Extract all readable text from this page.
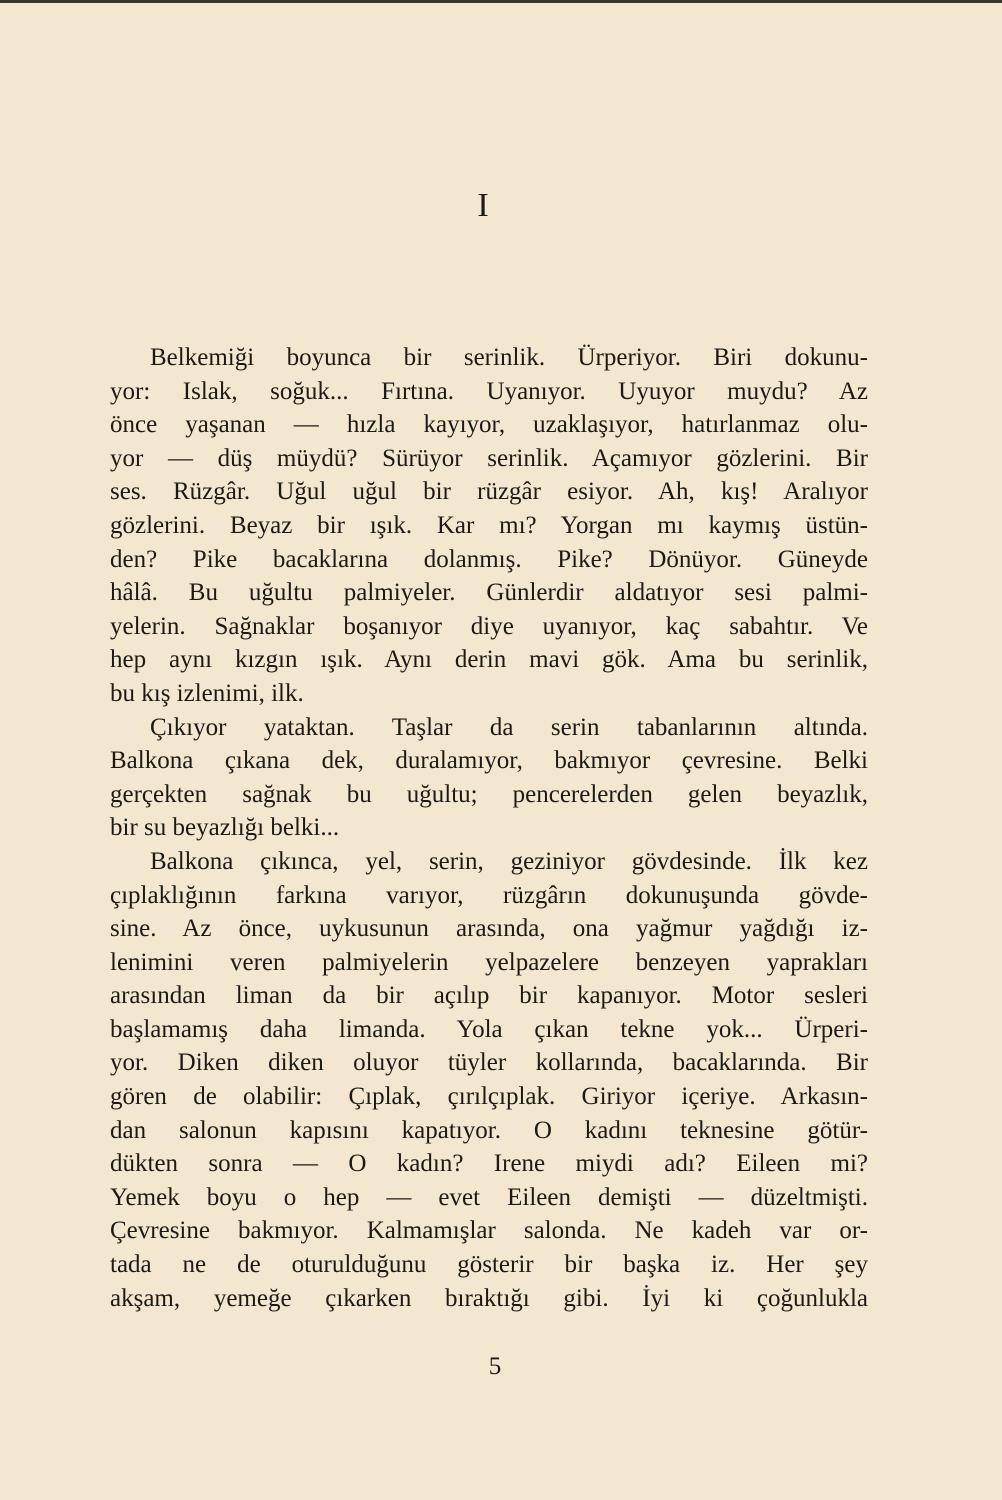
I
Belkemiği boyunca bir serinlik. Ürperiyor. Biri dokunu-
yor: Islak, soğuk... Fırtına. Uyanıyor. Uyuyor muydu? Az
önce yaşanan — hızla kayıyor, uzaklaşıyor, hatırlanmaz olu-
yor — düş müydü? Sürüyor serinlik. Açamıyor gözlerini. Bir
ses. Rüzgâr. Uğul uğul bir rüzgâr esiyor. Ah, kış! Aralıyor
gözlerini. Beyaz bir ışık. Kar mı? Yorgan mı kaymış üstün-
den? Pike bacaklarına dolanmış. Pike? Dönüyor. Güneyde
hâlâ. Bu uğultu palmiyeler. Günlerdir aldatıyor sesi palmi-
yelerin. Sağnaklar boşanıyor diye uyanıyor, kaç sabahtır. Ve
hep aynı kızgın ışık. Aynı derin mavi gök. Ama bu serinlik,
bu kış izlenimi, ilk.
Çıkıyor yataktan. Taşlar da serin tabanlarının altında.
Balkona çıkana dek, duralamıyor, bakmıyor çevresine. Belki
gerçekten sağnak bu uğultu; pencerelerden gelen beyazlık,
bir su beyazlığı belki...
Balkona çıkınca, yel, serin, geziniyor gövdesinde. İlk kez
çıplaklığının farkına varıyor, rüzgârın dokunuşunda gövde-
sine. Az önce, uykusunun arasında, ona yağmur yağdığı iz-
lenimini veren palmiyelerin yelpazelere benzeyen yaprakları
arasından liman da bir açılıp bir kapanıyor. Motor sesleri
başlamamış daha limanda. Yola çıkan tekne yok... Ürperi-
yor. Diken diken oluyor tüyler kollarında, bacaklarında. Bir
gören de olabilir: Çıplak, çırılçıplak. Giriyor içeriye. Arkasın-
dan salonun kapısını kapatıyor. O kadını teknesine götür-
dükten sonra — O kadın? Irene miydi adı? Eileen mi?
Yemek boyu o hep — evet Eileen demişti — düzeltmişti.
Çevresine bakmıyor. Kalmamışlar salonda. Ne kadeh var or-
tada ne de oturulduğunu gösterir bir başka iz. Her şey
akşam, yemeğe çıkarken bıraktığı gibi. İyi ki çoğunlukla
5
